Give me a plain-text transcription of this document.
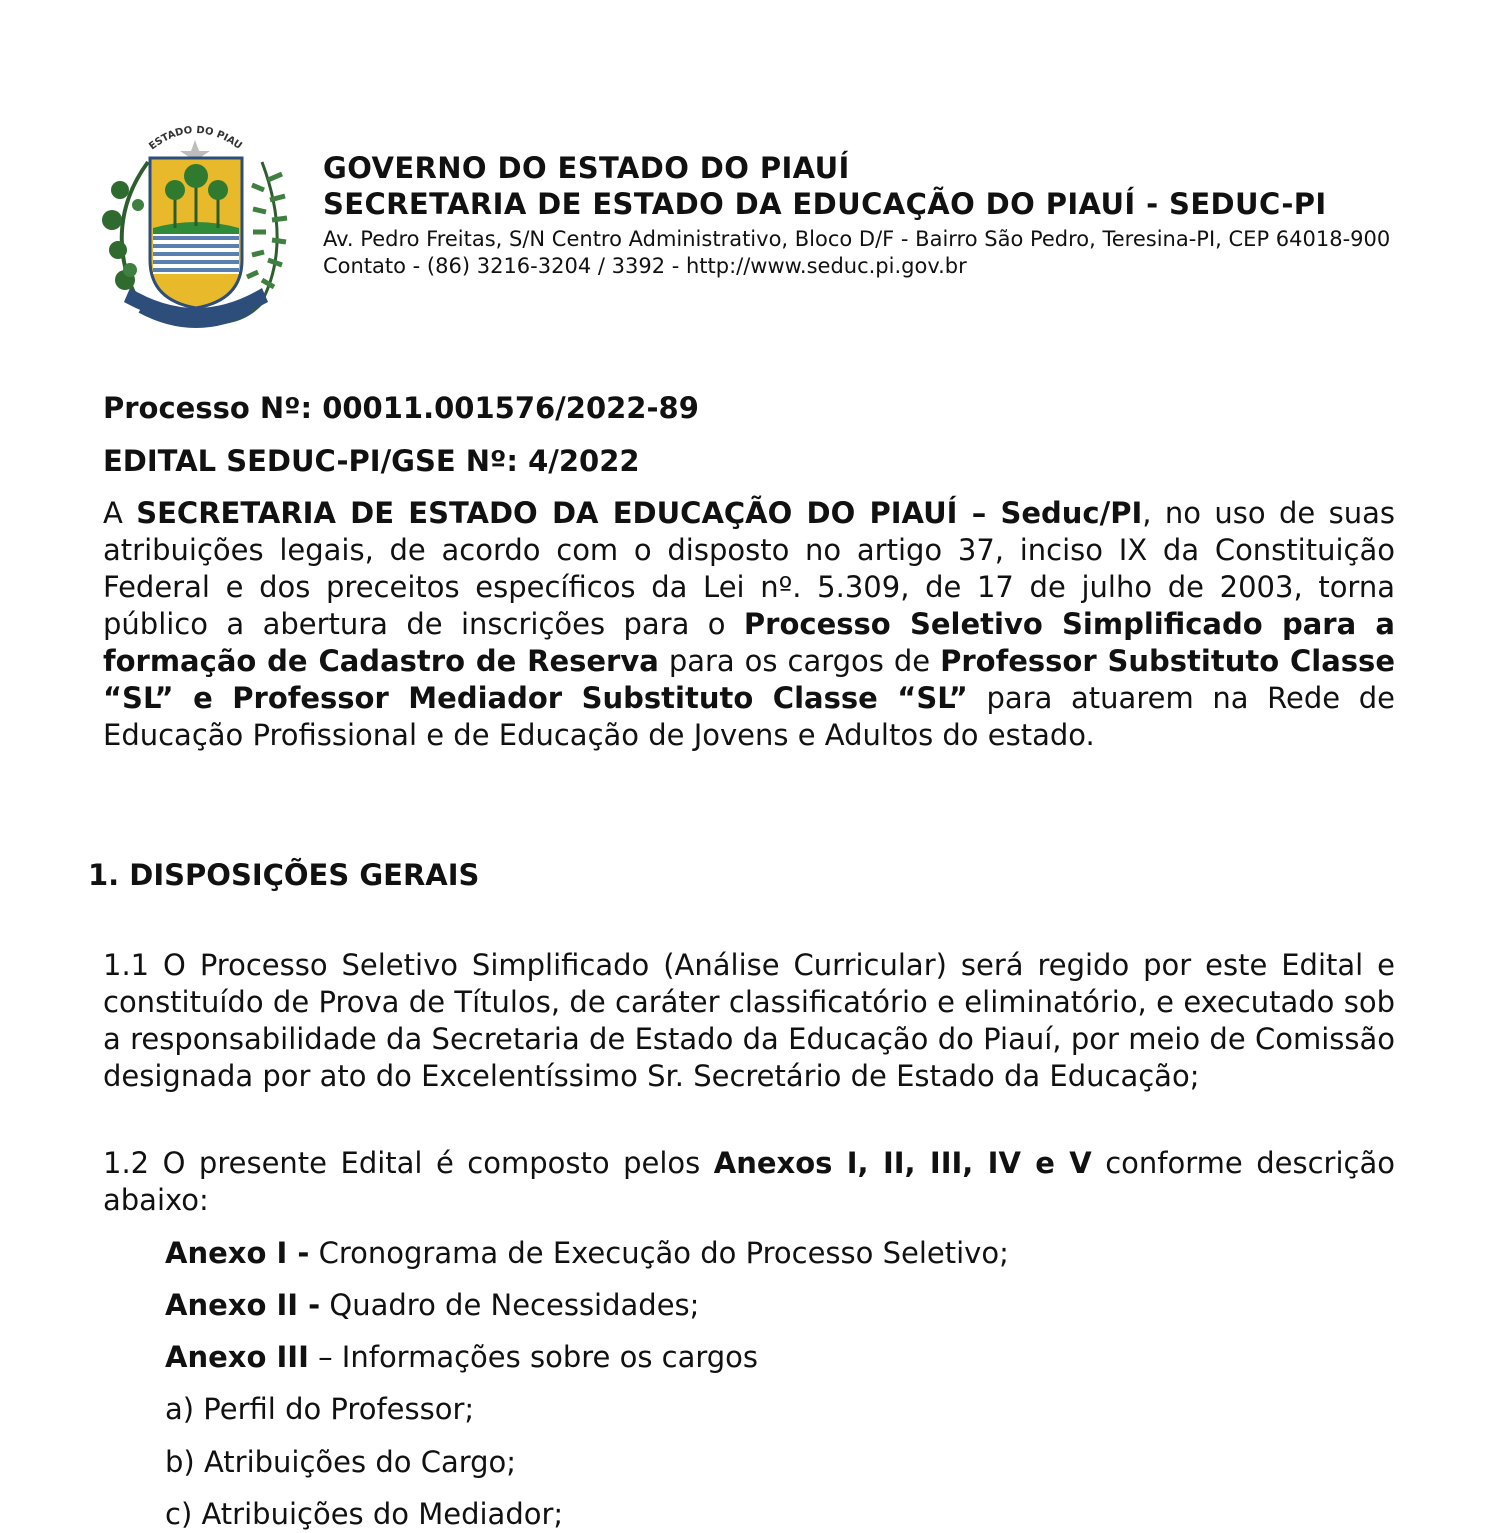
ESTADO DO PIAU

GOVERNO DO ESTADO DO PIAUÍ

SECRETARIA DE ESTADO DA EDUCAÇÃO DO PIAUÍ - SEDUC-PI

Av. Pedro Freitas, S/N Centro Administrativo, Bloco D/F - Bairro São Pedro, Teresina-PI, CEP 64018-900

Contato - (86) 3216-3204 / 3392 - http://www.seduc.pi.gov.br

Processo Nº: 00011.001576/2022-89

EDITAL SEDUC-PI/GSE Nº: 4/2022

A SECRETARIA DE ESTADO DA EDUCAÇÃO DO PIAUÍ – Seduc/PI, no uso de suas atribuições legais, de acordo com o disposto no artigo 37, inciso IX da Constituição Federal e dos preceitos específicos da Lei nº. 5.309, de 17 de julho de 2003, torna público a abertura de inscrições para o Processo Seletivo Simplificado para a formação de Cadastro de Reserva para os cargos de Professor Substituto Classe “SL” e Professor Mediador Substituto Classe “SL” para atuarem na Rede de Educação Profissional e de Educação de Jovens e Adultos do estado.

1. DISPOSIÇÕES GERAIS

1.1 O Processo Seletivo Simplificado (Análise Curricular) será regido por este Edital e constituído de Prova de Títulos, de caráter classificatório e eliminatório, e executado sob a responsabilidade da Secretaria de Estado da Educação do Piauí, por meio de Comissão designada por ato do Excelentíssimo Sr. Secretário de Estado da Educação;

1.2 O presente Edital é composto pelos Anexos I, II, III, IV e V conforme descrição abaixo:

Anexo I - Cronograma de Execução do Processo Seletivo;

Anexo II - Quadro de Necessidades;

Anexo III – Informações sobre os cargos

a) Perfil do Professor;

b) Atribuições do Cargo;

c) Atribuições do Mediador;
